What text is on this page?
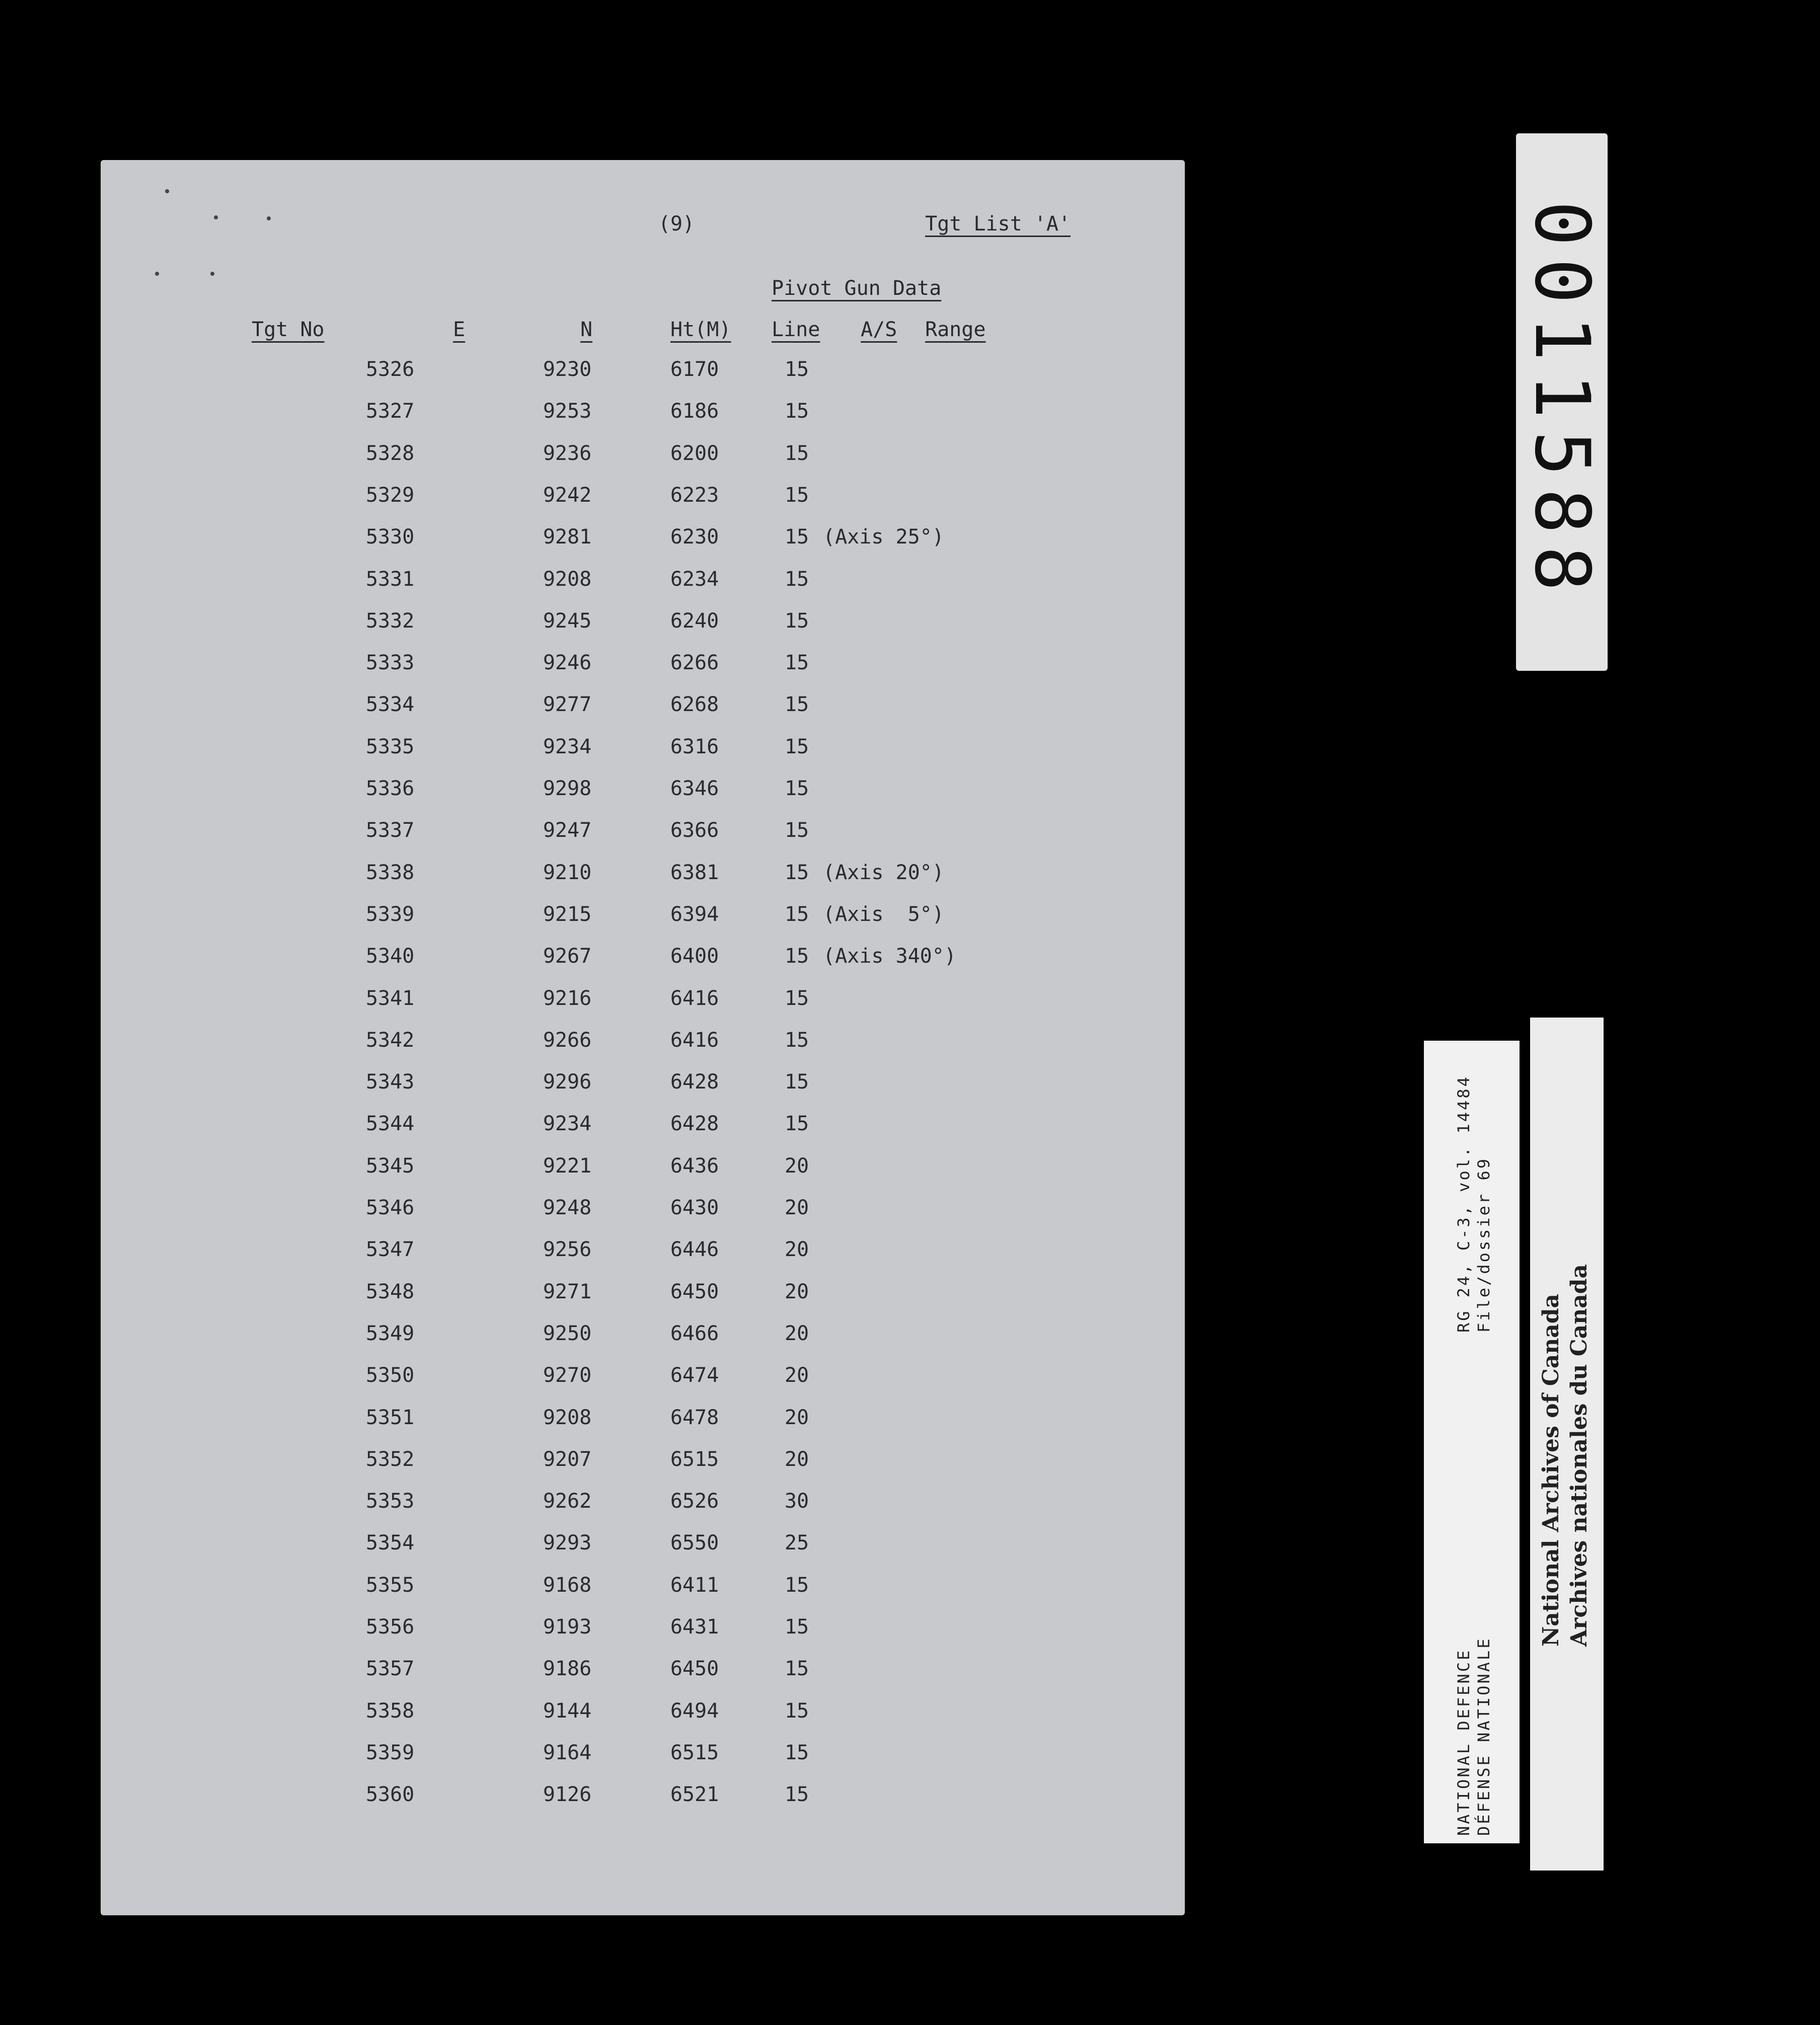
(9)	Tgt List 'A'
Pivot Gun Data
Tgt No	E	N	Ht(M) Line A/S Range
5326	9230	6170	15
5327	9253	6186	15
5328	9236	6200	15
5329	9242	6223	15
5330	9281	6230	15 (Axis 25°)
5331	9208	6234	15
5332	9245	6240	15
5333	9246	6266	15
5334	9277	6268	15
5335	9234	6316	15
5336	9298	6346	15
5337	9247	6366	15
5338	9210	6381	15 (Axis 20°)
5339	9215	6394	15 (Axis  5°)
5340	9267	6400	15 (Axis 340°)
5341	9216	6416	15
5342	9266	6416	15
5343	9296	6428	15
5344	9234	6428	15
5345	9221	6436	20
5346	9248	6430	20
5347	9256	6446	20
5348	9271	6450	20
5349	9250	6466	20
5350	9270	6474	20
5351	9208	6478	20
5352	9207	6515	20
5353	9262	6526	30
5354	9293	6550	25
5355	9168	6411	15
5356	9193	6431	15
5357	9186	6450	15
5358	9144	6494	15
5359	9164	6515	15
5360	9126	6521	15
0011588
NATIONAL DEFENCE DÉFENSE NATIONALE
RG 24, C-3, vol. 14484 File/dossier 69
National Archives of Canada Archives nationales du Canada
